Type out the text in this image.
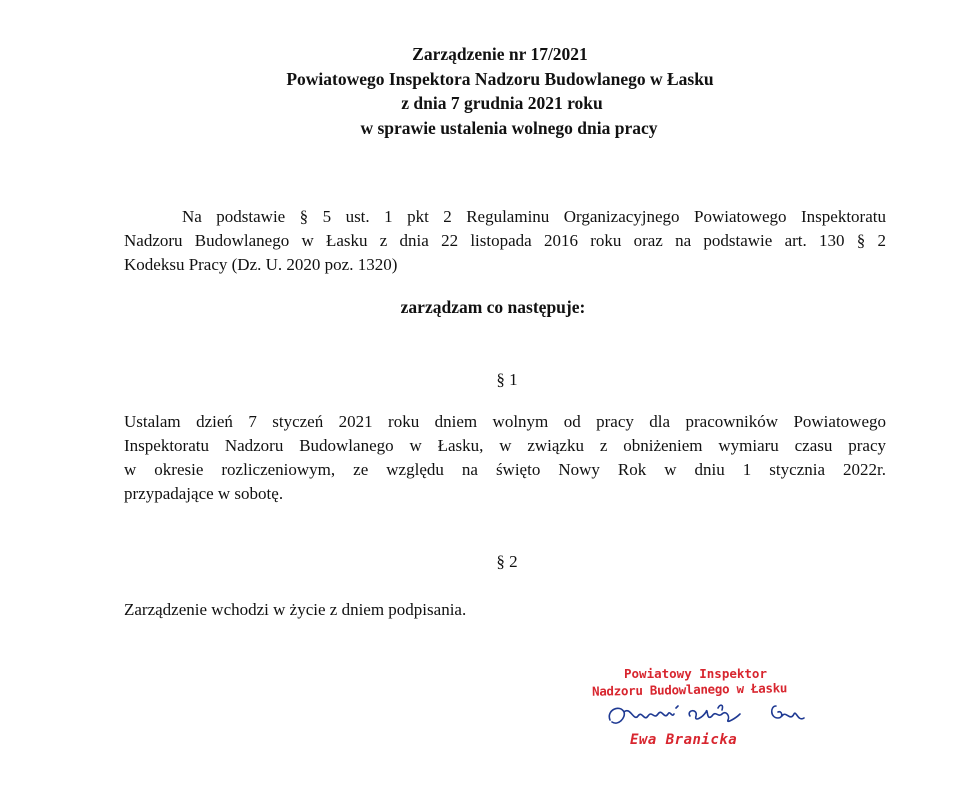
Zarządzenie nr 17/2021
Powiatowego Inspektora Nadzoru Budowlanego w Łasku
z dnia 7 grudnia 2021 roku
w sprawie ustalenia wolnego dnia pracy
Na podstawie § 5 ust. 1 pkt 2 Regulaminu Organizacyjnego Powiatowego Inspektoratu
Nadzoru Budowlanego w Łasku z dnia 22 listopada 2016 roku oraz na podstawie art. 130 § 2
Kodeksu Pracy (Dz. U. 2020 poz. 1320)
zarządzam co następuje:
§ 1
Ustalam dzień 7 styczeń 2021 roku dniem wolnym od pracy dla pracowników Powiatowego
Inspektoratu Nadzoru Budowlanego w Łasku, w związku z obniżeniem wymiaru czasu pracy
w okresie rozliczeniowym, ze względu na święto Nowy Rok w dniu 1 stycznia 2022r.
przypadające w sobotę.
§ 2
Zarządzenie wchodzi w życie z dniem podpisania.
Powiatowy Inspektor
Nadzoru Budowlanego w Łasku
Ewa Branicka
